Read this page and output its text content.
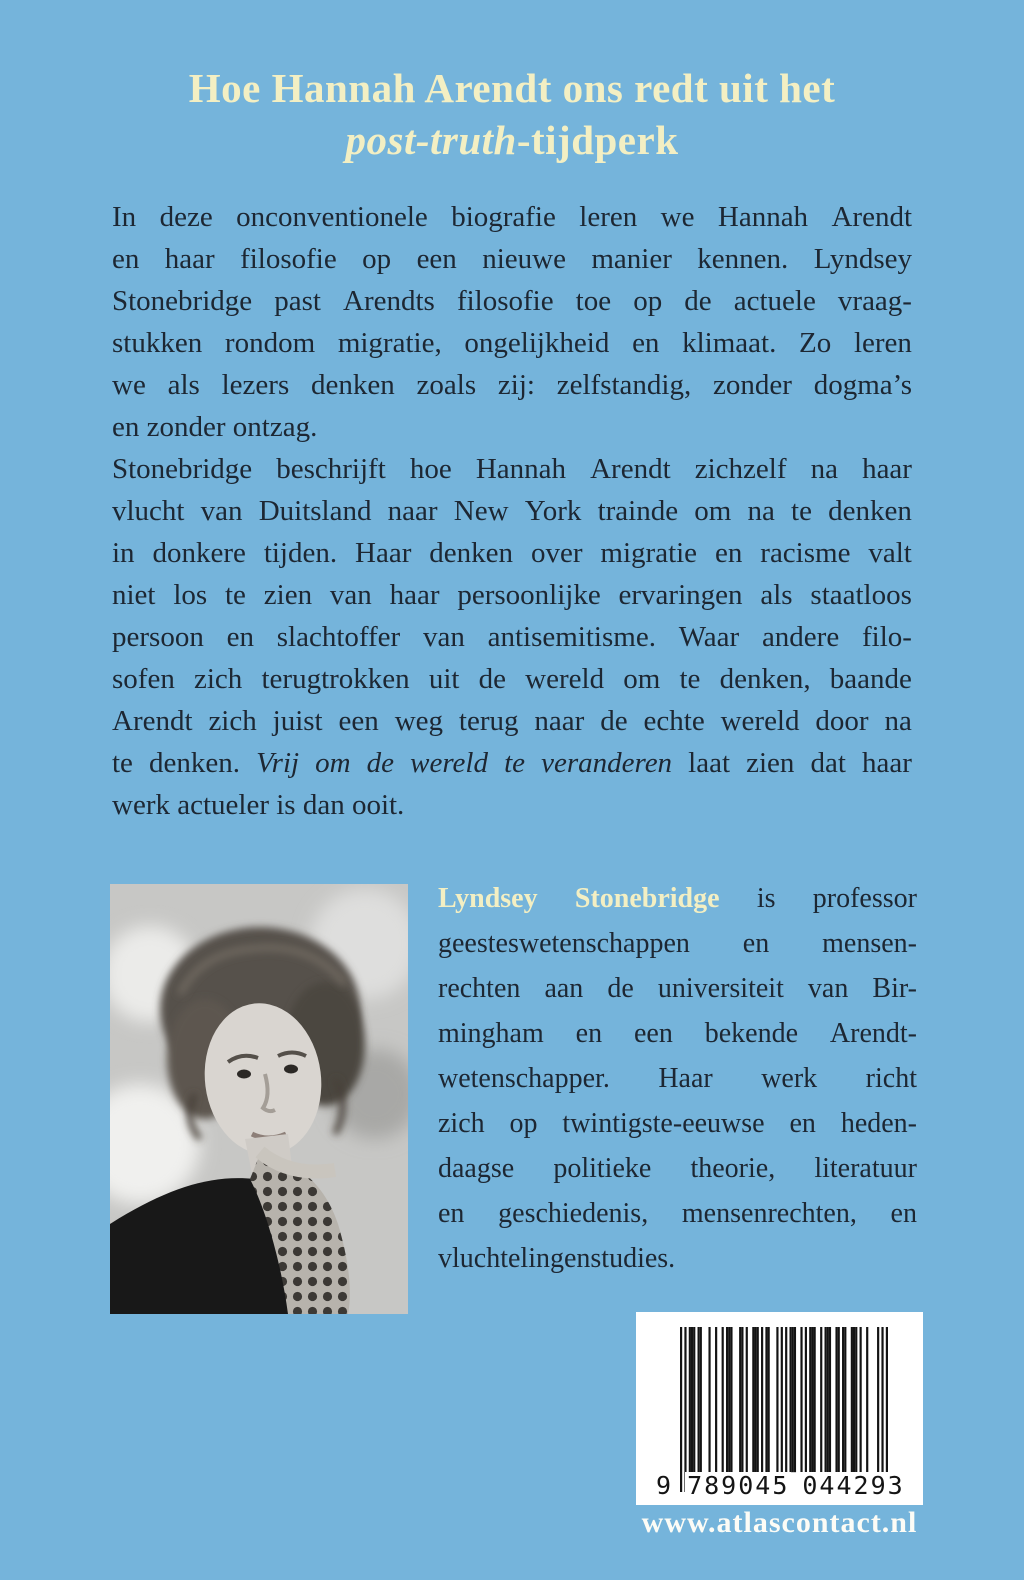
Hoe Hannah Arendt ons redt uit het
post-truth-tijdperk
In deze onconventionele biografie leren we Hannah Arendt
en haar filosofie op een nieuwe manier kennen. Lyndsey
Stonebridge past Arendts filosofie toe op de actuele vraag-
stukken rondom migratie, ongelijkheid en klimaat. Zo leren
we als lezers denken zoals zij: zelfstandig, zonder dogma’s
en zonder ontzag.
Stonebridge beschrijft hoe Hannah Arendt zichzelf na haar
vlucht van Duitsland naar New York trainde om na te denken
in donkere tijden. Haar denken over migratie en racisme valt
niet los te zien van haar persoonlijke ervaringen als staatloos
persoon en slachtoffer van antisemitisme. Waar andere filo-
sofen zich terugtrokken uit de wereld om te denken, baande
Arendt zich juist een weg terug naar de echte wereld door na
te denken. Vrij om de wereld te veranderen laat zien dat haar
werk actueler is dan ooit.
Lyndsey Stonebridge is professor
geesteswetenschappen en mensen-
rechten aan de universiteit van Bir-
mingham en een bekende Arendt-
wetenschapper. Haar werk richt
zich op twintigste-eeuwse en heden-
daagse politieke theorie, literatuur
en geschiedenis, mensenrechten, en
vluchtelingenstudies.
9 789045 044293
www.atlascontact.nl
